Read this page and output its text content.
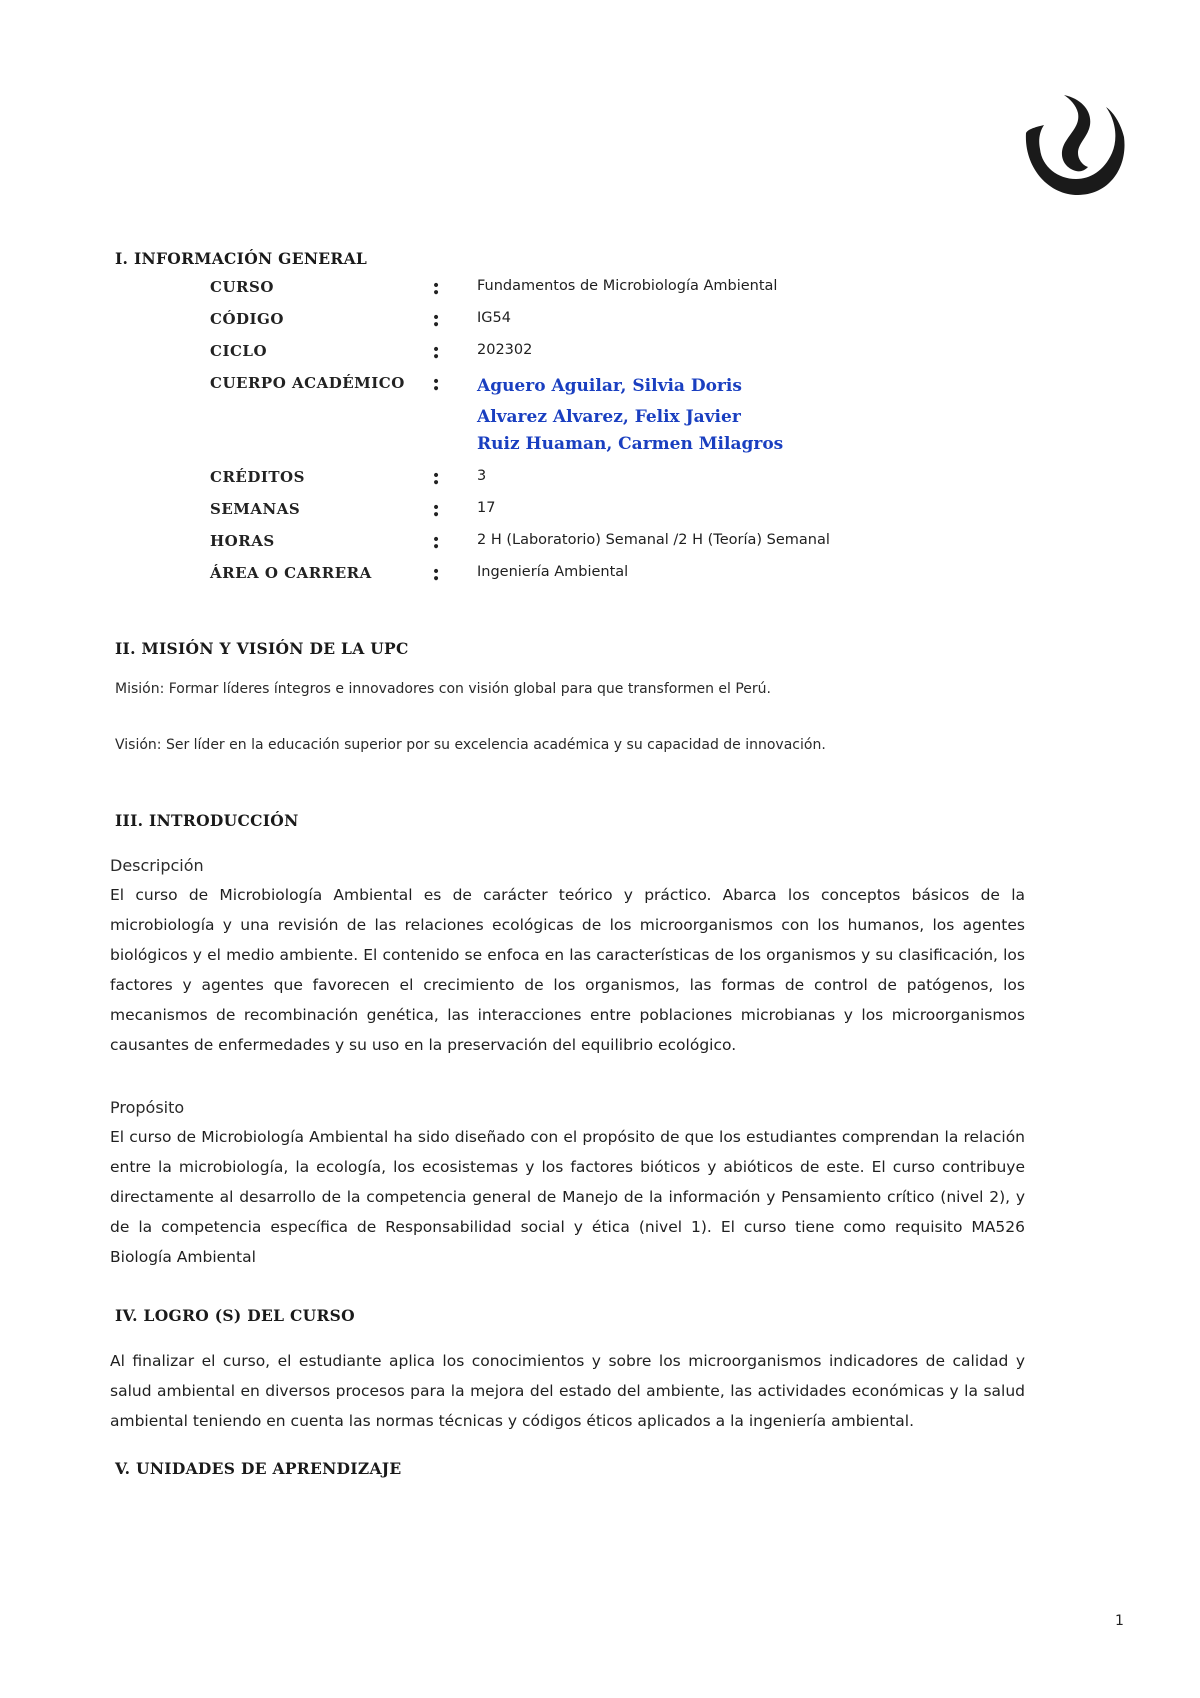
I. INFORMACIÓN GENERAL
CURSO	:	Fundamentos de Microbiología Ambiental
CÓDIGO	:	IG54
CICLO	:	202302
CUERPO ACADÉMICO : Aguero Aguilar, Silvia Doris
Alvarez Alvarez, Felix Javier
Ruiz Huaman, Carmen Milagros
CRÉDITOS	:	3
SEMANAS	:	17
HORAS	:	2 H (Laboratorio) Semanal /2 H (Teoría) Semanal
ÁREA O CARRERA	:	Ingeniería Ambiental
II. MISIÓN Y VISIÓN DE LA UPC
Misión: Formar líderes íntegros e innovadores con visión global para que transformen el Perú.
Visión: Ser líder en la educación superior por su excelencia académica y su capacidad de innovación.
III. INTRODUCCIÓN
Descripción
El curso de Microbiología Ambiental es de carácter teórico y práctico. Abarca los conceptos básicos de la microbiología y una revisión de las relaciones ecológicas de los microorganismos con los humanos, los agentes biológicos y el medio ambiente. El contenido se enfoca en las características de los organismos y su clasificación, los factores y agentes que favorecen el crecimiento de los organismos, las formas de control de patógenos, los mecanismos de recombinación genética, las interacciones entre poblaciones microbianas y los microorganismos causantes de enfermedades y su uso en la preservación del equilibrio ecológico.
Propósito
El curso de Microbiología Ambiental ha sido diseñado con el propósito de que los estudiantes comprendan la relación entre la microbiología, la ecología, los ecosistemas y los factores bióticos y abióticos de este. El curso contribuye directamente al desarrollo de la competencia general de Manejo de la información y Pensamiento crítico (nivel 2), y de la competencia específica de Responsabilidad social y ética (nivel 1). El curso tiene como requisito MA526 Biología Ambiental
IV. LOGRO (S) DEL CURSO
Al finalizar el curso, el estudiante aplica los conocimientos y sobre los microorganismos indicadores de calidad y salud ambiental en diversos procesos para la mejora del estado del ambiente, las actividades económicas y la salud ambiental teniendo en cuenta las normas técnicas y códigos éticos aplicados a la ingeniería ambiental.
V. UNIDADES DE APRENDIZAJE
1
